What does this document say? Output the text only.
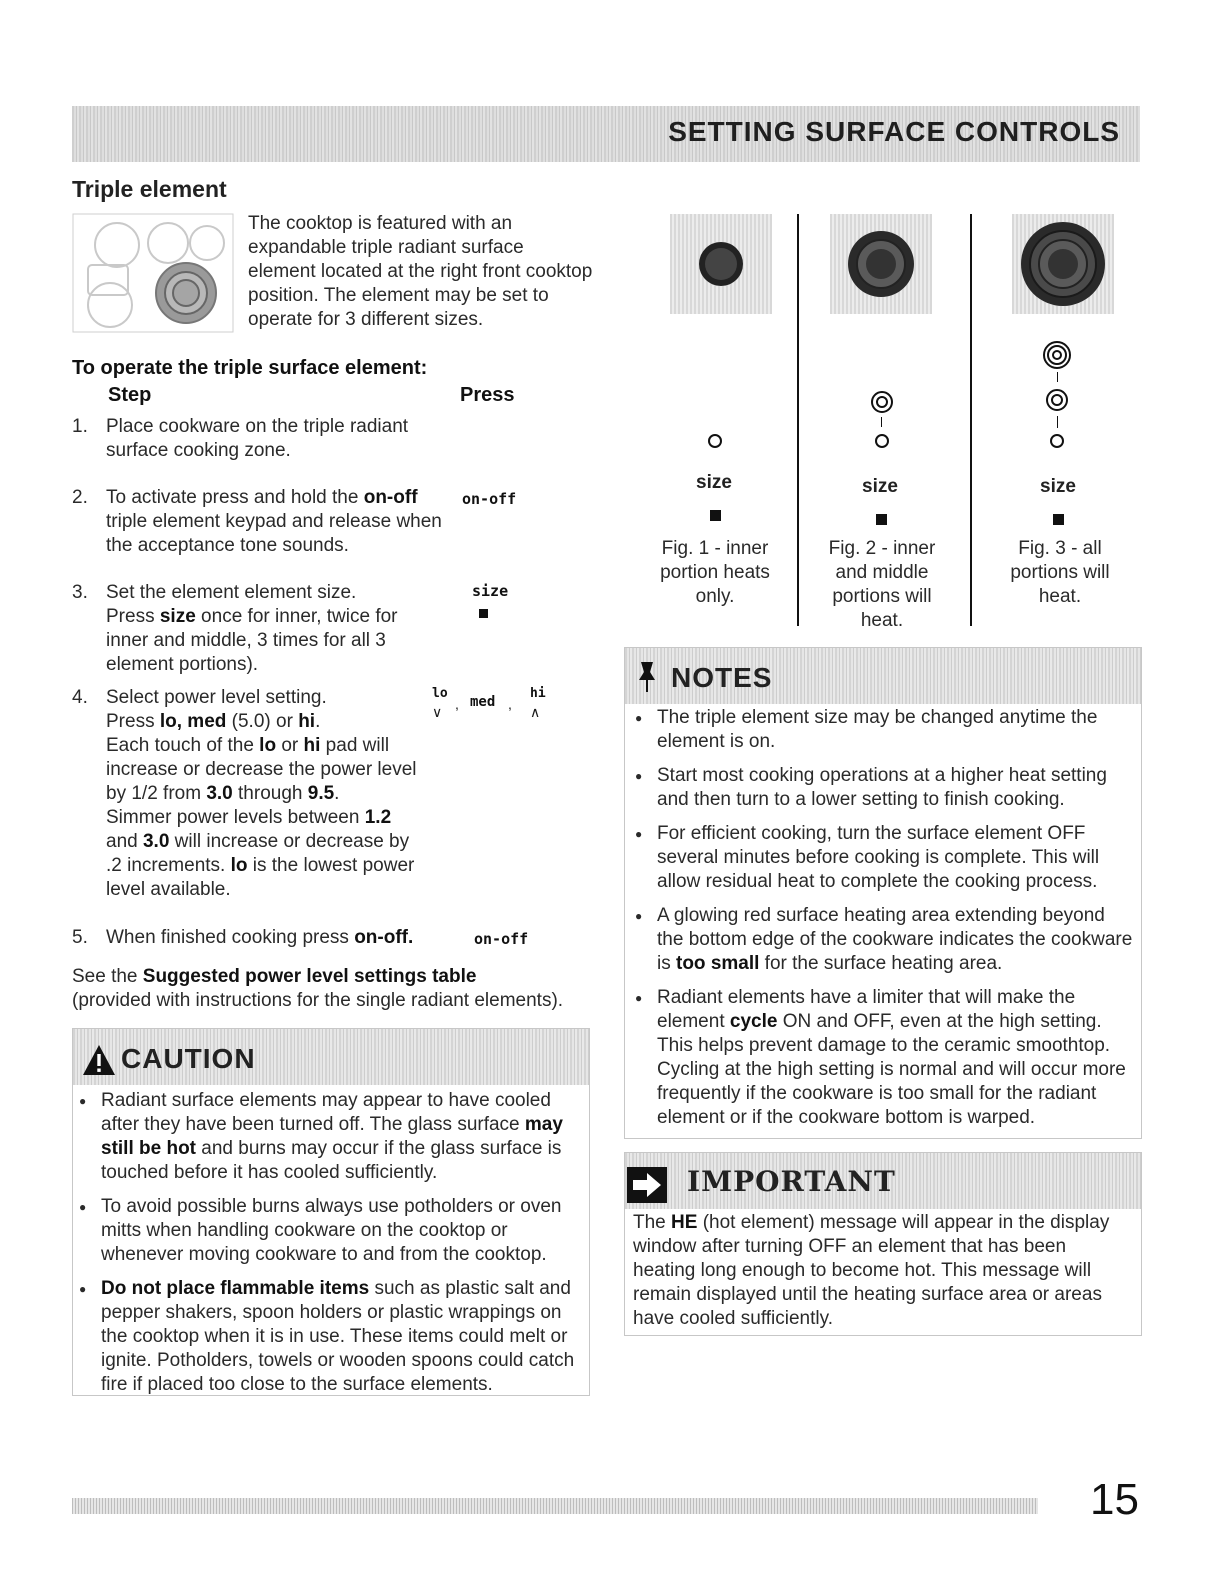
SETTING SURFACE CONTROLS
Triple element
The cooktop is featured with an expandable triple radiant surface element located at the right front cooktop position. The element may be set to operate for 3 different sizes.
To operate the triple surface element:
Step	Press
1. Place cookware on the triple radiant surface cooking zone.
2. To activate press and hold the on-off triple element keypad and release when the acceptance tone sounds.
on-off
3. Set the element element size.
Press size once for inner, twice for inner and middle, 3 times for all 3 element portions).
size
4. Select power level setting.
Press lo, med (5.0) or hi.
Each touch of the lo or hi pad will increase or decrease the power level by 1/2 from 3.0 through 9.5.
Simmer power levels between 1.2 and 3.0 will increase or decrease by .2 increments. lo is the lowest power level available.
lo
∨ , med ,
hi
∧
5. When finished cooking press on-off.	on-off
See the Suggested power level settings table
(provided with instructions for the single radiant elements).
CAUTION
● Radiant surface elements may appear to have cooled after they have been turned off. The glass surface may still be hot and burns may occur if the glass surface is touched before it has cooled sufficiently.
● To avoid possible burns always use potholders or oven mitts when handling cookware on the cooktop or whenever moving cookware to and from the cooktop.
● Do not place flammable items such as plastic salt and pepper shakers, spoon holders or plastic wrappings on the cooktop when it is in use. These items could melt or ignite. Potholders, towels or wooden spoons could catch fire if placed too close to the surface elements.
size
Fig. 1 - inner portion heats only.
size
Fig. 2 - inner and middle portions will heat.
size
Fig. 3 - all portions will heat.
NOTES
● The triple element size may be changed anytime the element is on.
● Start most cooking operations at a higher heat setting and then turn to a lower setting to finish cooking.
● For efficient cooking, turn the surface element OFF several minutes before cooking is complete. This will allow residual heat to complete the cooking process.
● A glowing red surface heating area extending beyond the bottom edge of the cookware indicates the cookware is too small for the surface heating area.
● Radiant elements have a limiter that will make the element cycle ON and OFF, even at the high setting. This helps prevent damage to the ceramic smoothtop. Cycling at the high setting is normal and will occur more frequently if the cookware is too small for the radiant element or if the cookware bottom is warped.
IMPORTANT
The HE (hot element) message will appear in the display window after turning OFF an element that has been heating long enough to become hot. This message will remain displayed until the heating surface area or areas have cooled sufficiently.
15
